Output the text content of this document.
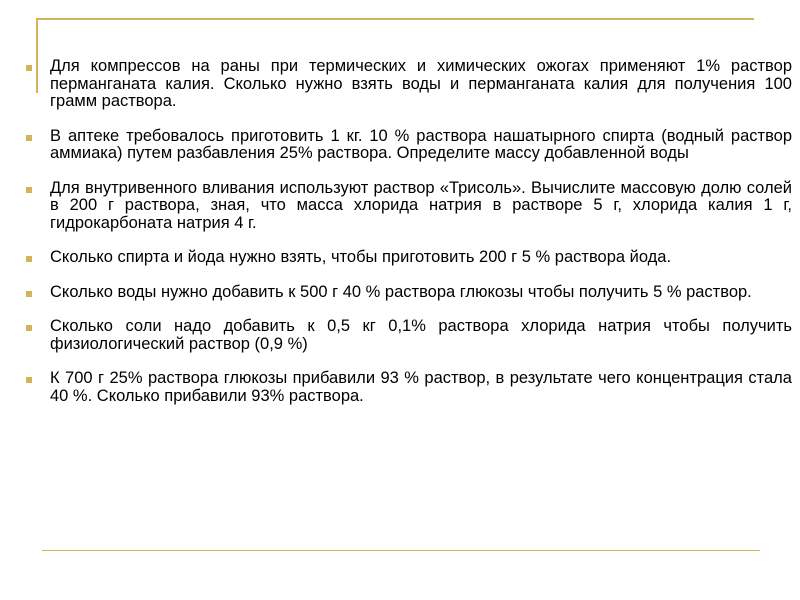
Для компрессов на раны при термических и химических ожогах применяют 1% раствор перманганата калия. Сколько нужно взять воды и перманганата калия для получения 100 грамм раствора.
В аптеке требовалось приготовить 1 кг. 10 % раствора нашатырного спирта (водный раствор аммиака) путем разбавления 25% раствора. Определите массу добавленной воды
Для внутривенного вливания используют раствор «Трисоль». Вычислите массовую долю солей в 200 г раствора, зная, что масса хлорида натрия в растворе 5 г, хлорида калия 1 г, гидрокарбоната натрия 4 г.
Сколько спирта и йода нужно взять, чтобы приготовить 200 г 5 % раствора йода.
Сколько воды нужно добавить к 500 г 40 % раствора глюкозы чтобы получить 5 % раствор.
Сколько соли надо добавить к 0,5 кг 0,1% раствора хлорида натрия чтобы получить физиологический раствор (0,9 %)
К 700 г 25% раствора глюкозы прибавили 93 % раствор, в результате чего концентрация стала 40 %. Сколько прибавили 93% раствора.
